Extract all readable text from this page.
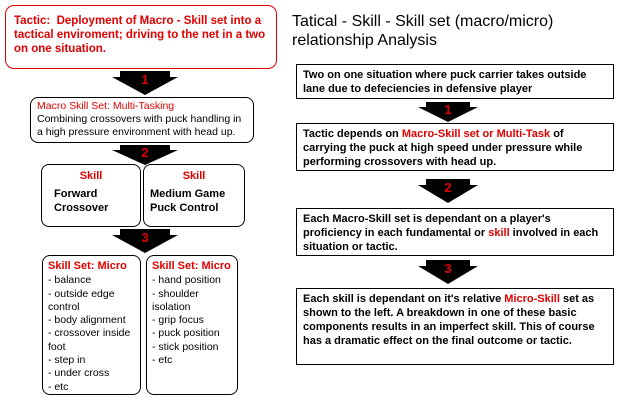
Tactic: Deployment of Macro - Skill set into a tactical enviroment; driving to the net in a two on one situation.
1
Macro Skill Set: Multi-Tasking
Combining crossovers with puck handling in a high pressure environment with head up.
2
Skill
Forward Crossover
Skill
Medium Game Puck Control
3
Skill Set: Micro
- balance
- outside edge control
- body alignment
- crossover inside foot
- step in
- under cross
- etc
Skill Set: Micro
- hand position
- shoulder isolation
- grip focus
- puck position
- stick position
- etc
Tatical - Skill - Skill set (macro/micro) relationship Analysis
Two on one situation where puck carrier takes outside lane due to defeciencies in defensive player
1
Tactic depends on Macro-Skill set or Multi-Task of carrying the puck at high speed under pressure while performing crossovers with head up.
2
Each Macro-Skill set is dependant on a player's proficiency in each fundamental or skill involved in each situation or tactic.
3
Each skill is dependant on it's relative Micro-Skill set as shown to the left. A breakdown in one of these basic components results in an imperfect skill. This of course has a dramatic effect on the final outcome or tactic.
